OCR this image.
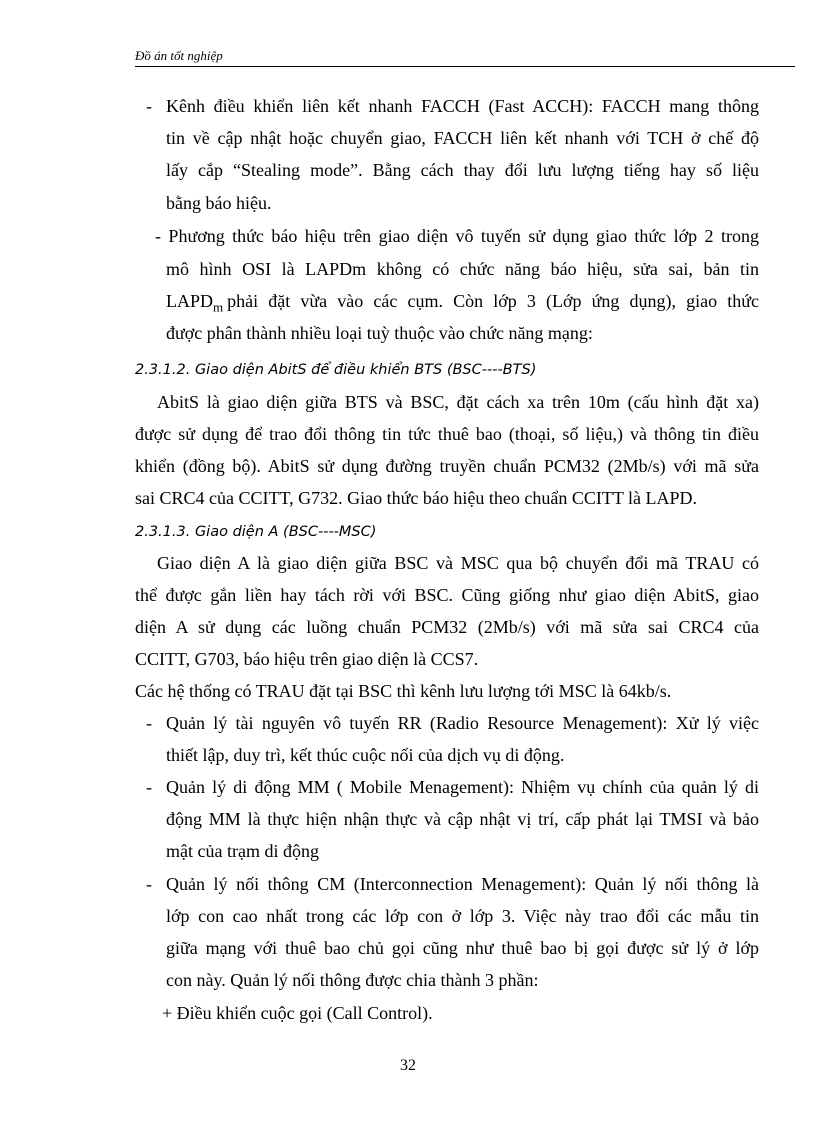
Đồ án tốt nghiệp
-
-
-
-
Kênh điều khiển liên kết nhanh FACCH (Fast ACCH): FACCH mang thông
tin về cập nhật hoặc chuyển giao, FACCH liên kết nhanh với TCH ở chế độ
lấy cắp “Stealing mode”. Bằng cách thay đổi lưu lượng tiếng hay số liệu
bằng báo hiệu.
- Phương thức báo hiệu trên giao diện vô tuyến sử dụng giao thức lớp 2 trong
mô hình OSI là LAPDm không có chức năng báo hiệu, sửa sai, bản tin
$LAPD_m$ phải đặt vừa vào các cụm. Còn lớp 3 (Lớp ứng dụng), giao thức
được phân thành nhiều loại tuỳ thuộc vào chức năng mạng:
2.3.1.2. Giao diện AbitS để điều khiển BTS (BSC----BTS)
AbitS là giao diện giữa BTS và BSC, đặt cách xa trên 10m (cấu hình đặt xa)
được sử dụng để trao đổi thông tin tức thuê bao (thoại, số liệu,) và thông tin điều
khiển (đồng bộ). AbitS sử dụng đường truyền chuẩn PCM32 (2Mb/s) với mã sửa
sai CRC4 của CCITT, G732. Giao thức báo hiệu theo chuẩn CCITT là LAPD.
2.3.1.3. Giao diện A (BSC----MSC)
Giao diện A là giao diện giữa BSC và MSC qua bộ chuyển đổi mã TRAU có
thể được gắn liền hay tách rời với BSC. Cũng giống như giao diện AbitS, giao
diện A sử dụng các luồng chuẩn PCM32 (2Mb/s) với mã sửa sai CRC4 của
CCITT, G703, báo hiệu trên giao diện là CCS7.
Các hệ thống có TRAU đặt tại BSC thì kênh lưu lượng tới MSC là 64kb/s.
Quản lý tài nguyên vô tuyến RR (Radio Resource Menagement): Xử lý việc
thiết lập, duy trì, kết thúc cuộc nối của dịch vụ di động.
Quản lý di động MM ( Mobile Menagement): Nhiệm vụ chính của quản lý di
động MM là thực hiện nhận thực và cập nhật vị trí, cấp phát lại TMSI và bảo
mật của trạm di động
Quản lý nối thông CM (Interconnection Menagement): Quản lý nối thông là
lớp con cao nhất trong các lớp con ở lớp 3. Việc này trao đổi các mẫu tin
giữa mạng với thuê bao chủ gọi cũng như thuê bao bị gọi được sử lý ở lớp
con này. Quản lý nối thông được chia thành 3 phần:
+ Điều khiển cuộc gọi (Call Control).
32
